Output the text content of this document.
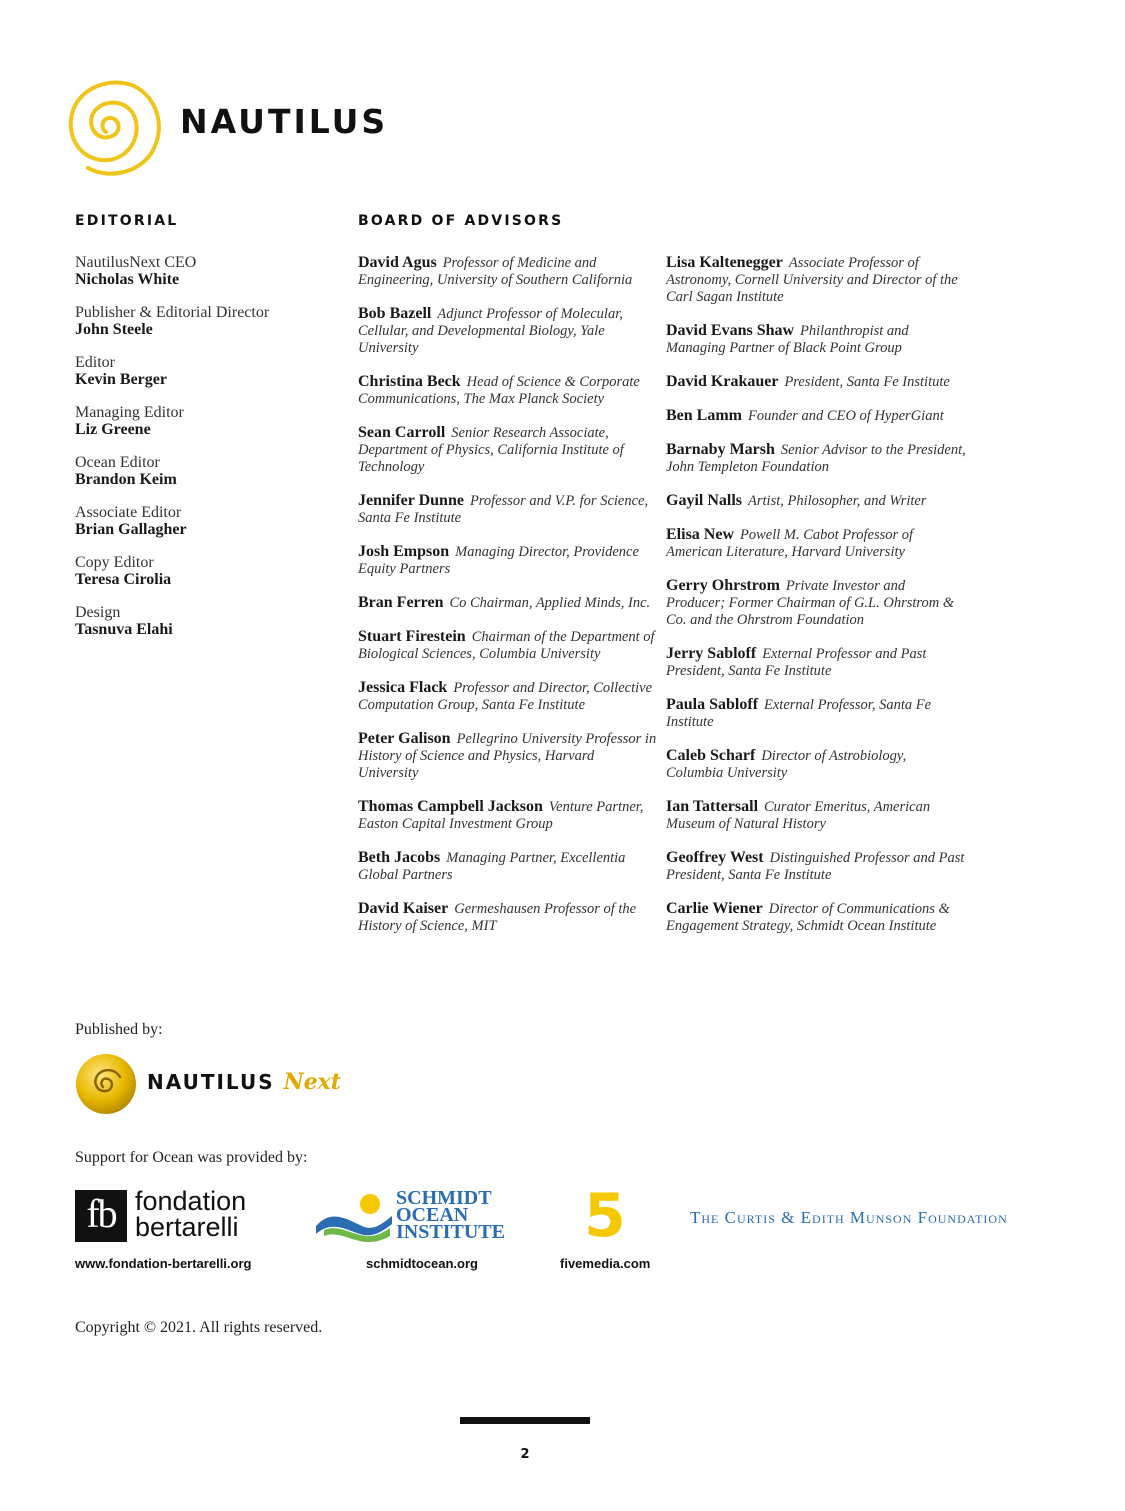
NAUTILUS
EDITORIAL	BOARD OF ADVISORS
NautilusNext CEO
Nicholas White
Publisher & Editorial Director
John Steele
Editor
Kevin Berger
Managing Editor
Liz Greene
Ocean Editor
Brandon Keim
Associate Editor
Brian Gallagher
Copy Editor
Teresa Cirolia
Design
Tasnuva Elahi
David Agus Professor of Medicine and Engineering, University of Southern California
Bob Bazell Adjunct Professor of Molecular, Cellular, and Developmental Biology, Yale University
Christina Beck Head of Science & Corporate Communications, The Max Planck Society
Sean Carroll Senior Research Associate, Department of Physics, California Institute of Technology
Jennifer Dunne Professor and V.P. for Science, Santa Fe Institute
Josh Empson Managing Director, Providence Equity Partners
Bran Ferren Co Chairman, Applied Minds, Inc.
Stuart Firestein Chairman of the Department of Biological Sciences, Columbia University
Jessica Flack Professor and Director, Collective Computation Group, Santa Fe Institute
Peter Galison Pellegrino University Professor in History of Science and Physics, Harvard University
Thomas Campbell Jackson Venture Partner, Easton Capital Investment Group
Beth Jacobs Managing Partner, Excellentia Global Partners
David Kaiser Germeshausen Professor of the History of Science, MIT
Lisa Kaltenegger Associate Professor of Astronomy, Cornell University and Director of the Carl Sagan Institute
David Evans Shaw Philanthropist and Managing Partner of Black Point Group
David Krakauer President, Santa Fe Institute
Ben Lamm Founder and CEO of HyperGiant
Barnaby Marsh Senior Advisor to the President, John Templeton Foundation
Gayil Nalls Artist, Philosopher, and Writer
Elisa New Powell M. Cabot Professor of American Literature, Harvard University
Gerry Ohrstrom Private Investor and Producer; Former Chairman of G.L. Ohrstrom & Co. and the Ohrstrom Foundation
Jerry Sabloff External Professor and Past President, Santa Fe Institute
Paula Sabloff External Professor, Santa Fe Institute
Caleb Scharf Director of Astrobiology, Columbia University
Ian Tattersall Curator Emeritus, American Museum of Natural History
Geoffrey West Distinguished Professor and Past President, Santa Fe Institute
Carlie Wiener Director of Communications & Engagement Strategy, Schmidt Ocean Institute
Published by:
NAUTILUS Next
Support for Ocean was provided by:
fb fondation
bertarelli
SCHMIDT
OCEAN
INSTITUTE 5	The Curtis & Edith Munson Foundation
www.fondation-bertarelli.org	schmidtocean.org	fivemedia.com
Copyright © 2021. All rights reserved.
2
